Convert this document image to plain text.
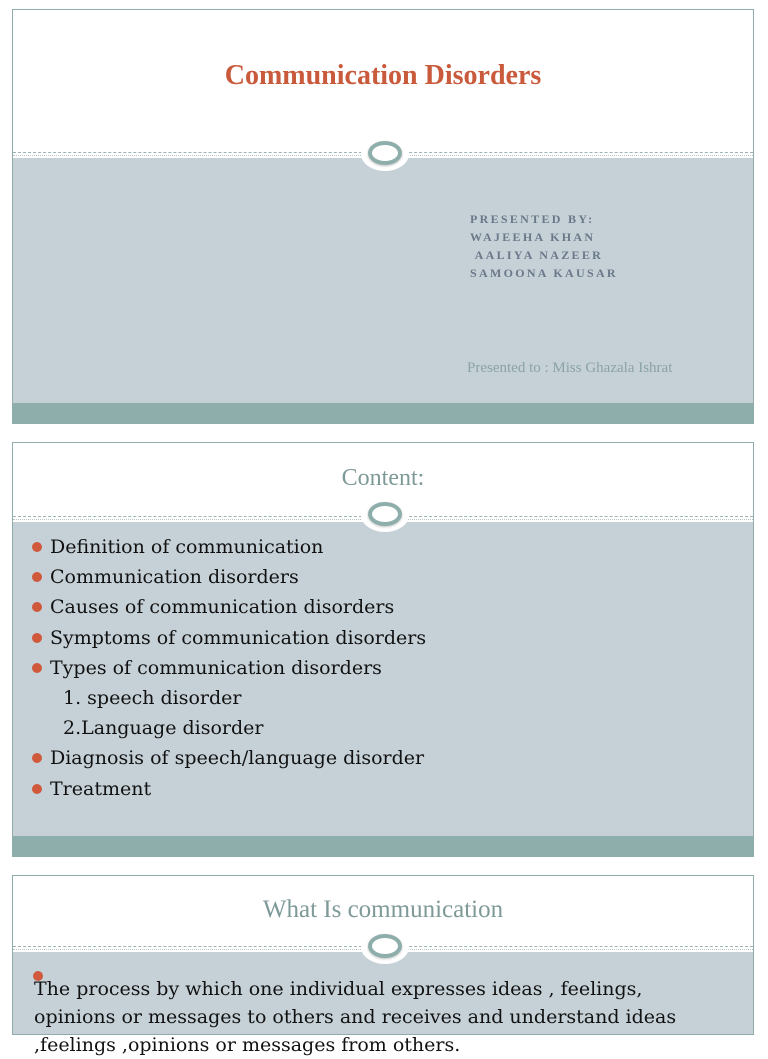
Communication Disorders
PRESENTED BY:
WAJEEHA KHAN
AALIYA NAZEER
SAMOONA KAUSAR
Presented to : Miss Ghazala Ishrat
Content:
Definition of communication
Communication disorders
Causes of communication disorders
Symptoms of communication disorders
Types of communication disorders
1. speech disorder
2.Language disorder
Diagnosis of speech/language disorder
Treatment
What Is communication
The process by which one individual expresses ideas , feelings, opinions or messages to others and receives and understand ideas ,feelings ,opinions or messages from others.
